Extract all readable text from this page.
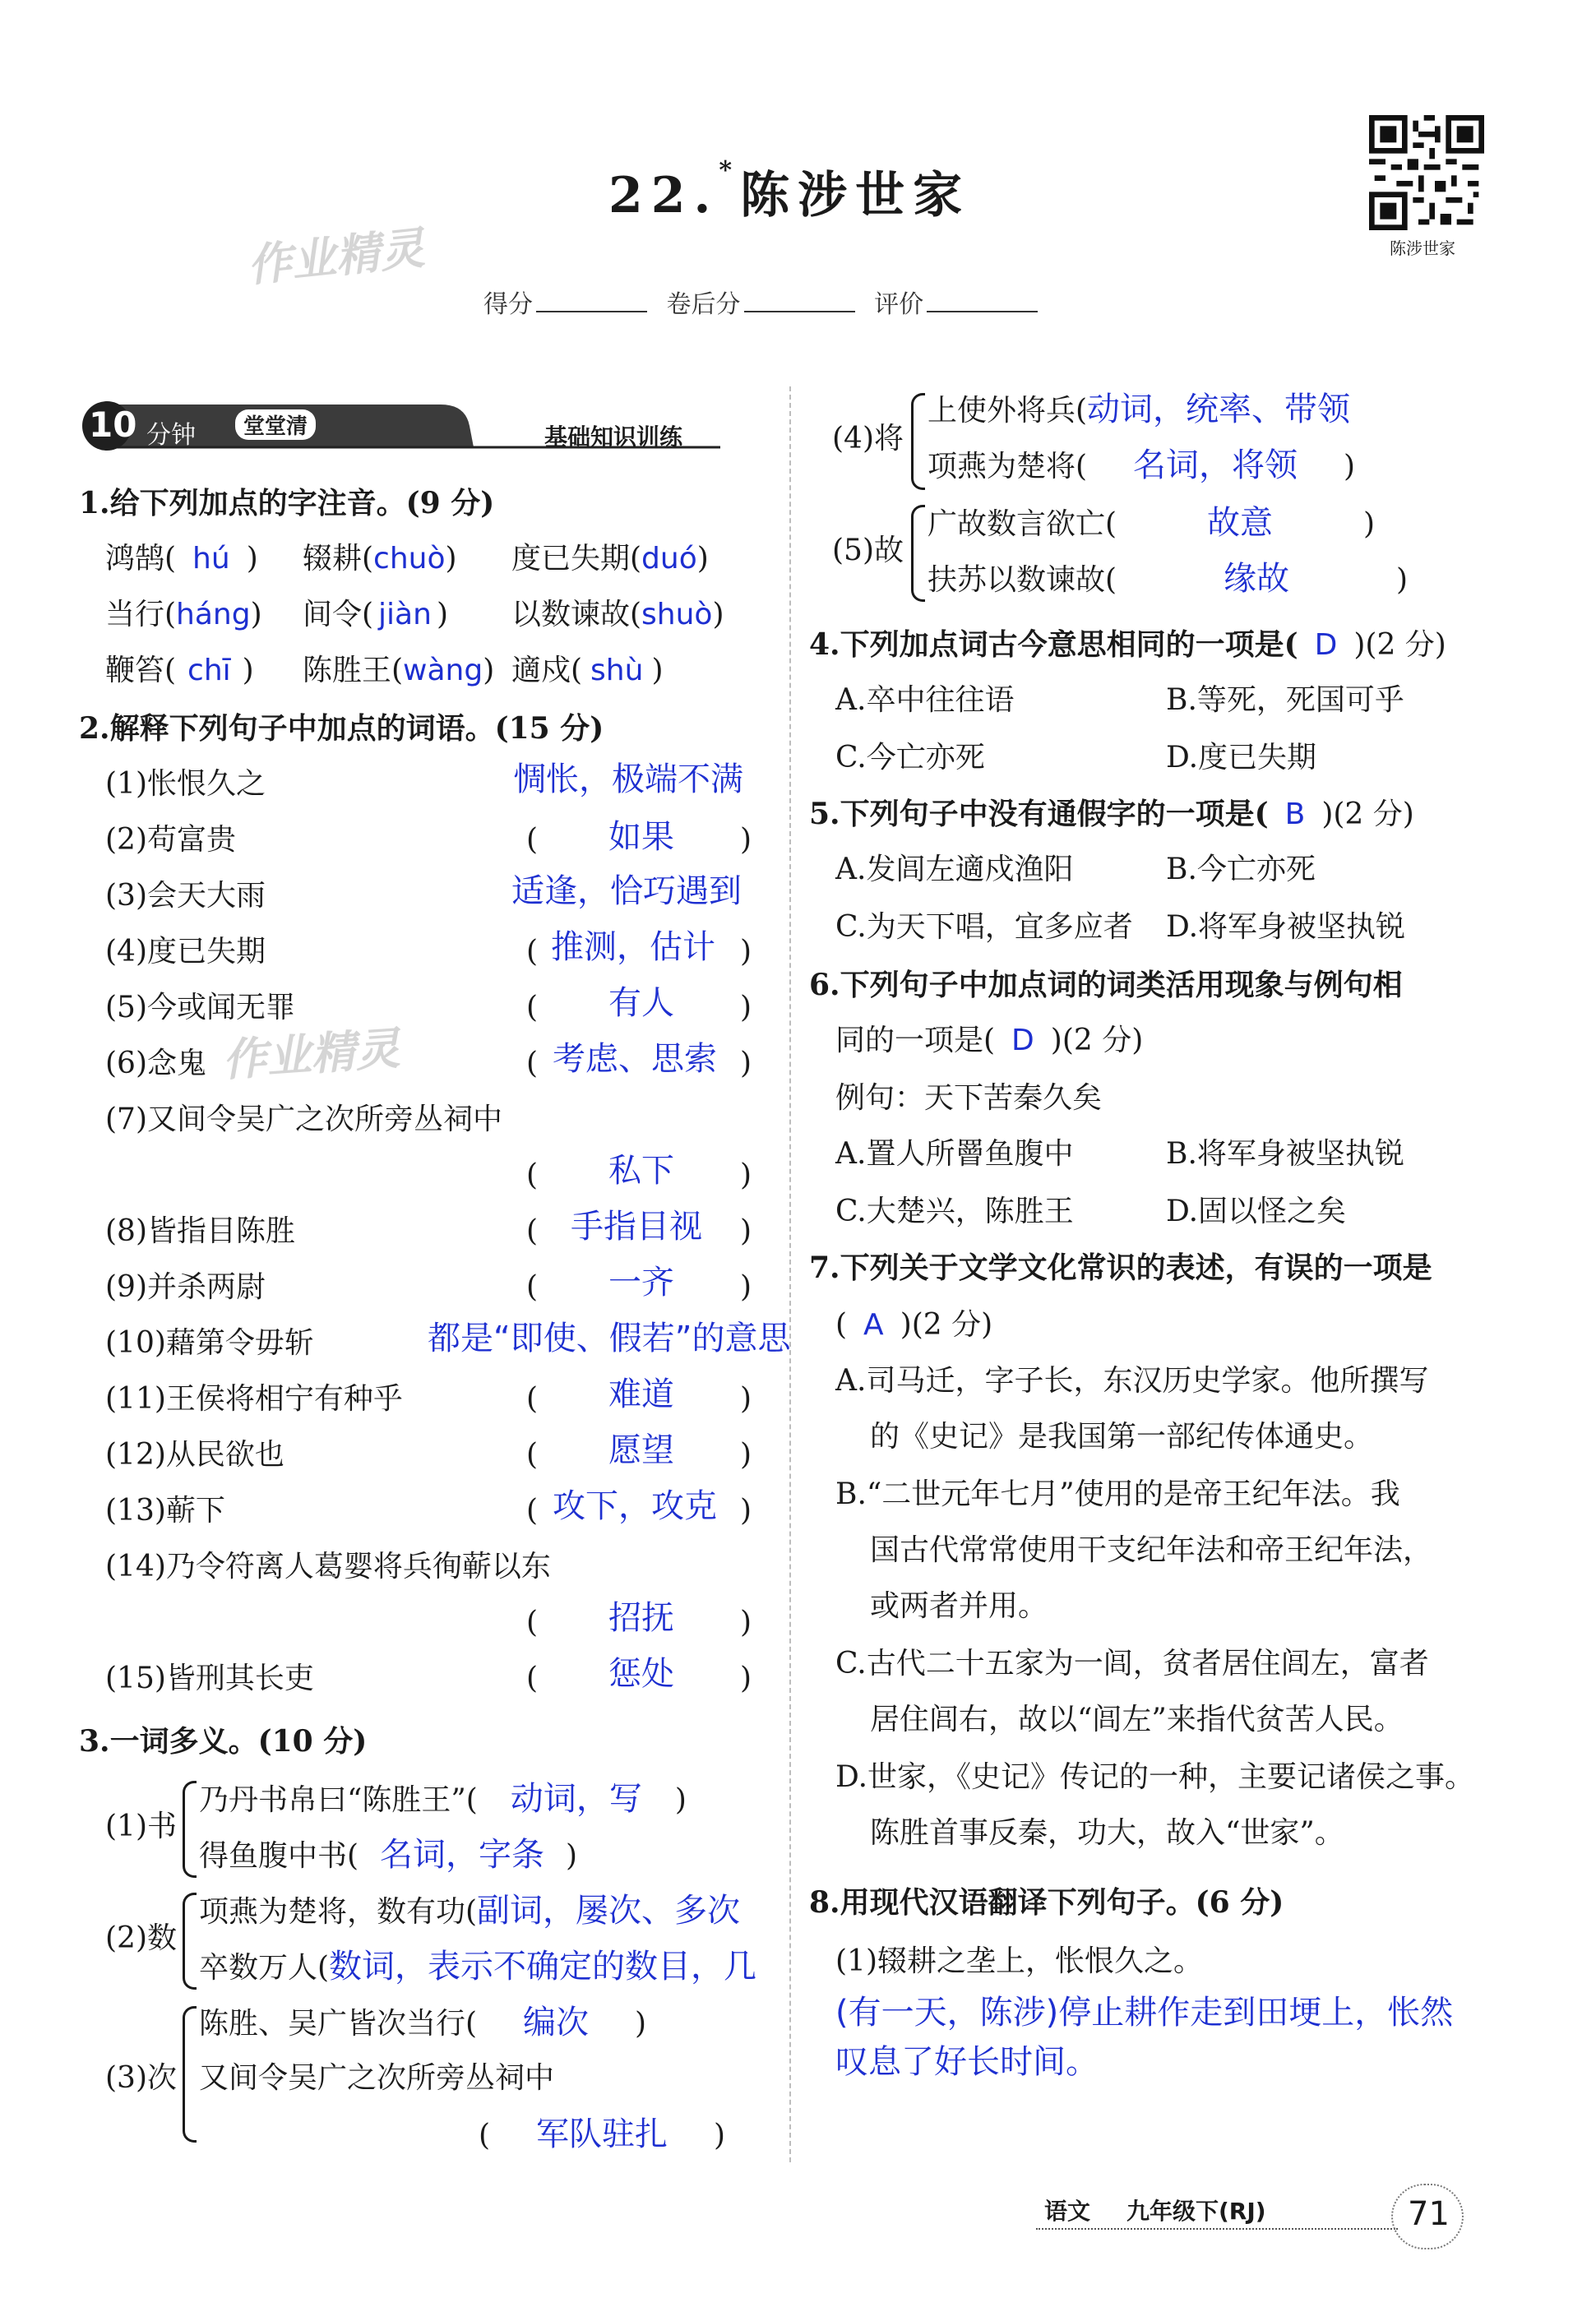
22.*陈涉世家
陈涉世家
作业精灵
作业精灵
得分	卷后分	评价
10 分钟	堂堂清	基础知识训练
1.给下列加点的字注音。(9 分)
鸿鹄( hú ) 辍耕(chuò) 度已失期(duó)
当行(háng) 间令( jiàn ) 以数谏故(shuò)
鞭笞( chī ) 陈胜王(wàng) 適戍( shù )
2.解释下列句子中加点的词语。(15 分)
(1)怅恨久之	惆怅，极端不满
(2)苟富贵	( 如果 )
(3)会天大雨	适逢，恰巧遇到
(4)度已失期	( 推测，估计 )
(5)今或闻无罪	( 有人 )
(6)念鬼	( 考虑、思索 )
(7)又间令吴广之次所旁丛祠中
( 私下 )
(8)皆指目陈胜	( 手指目视 )
(9)并杀两尉	( 一齐 )
(10)藉第令毋斩	都是“即使、假若”的意思
(11)王侯将相宁有种乎	( 难道 )
(12)从民欲也	( 愿望 )
(13)蕲下	( 攻下，攻克 )
(14)乃令符离人葛婴将兵徇蕲以东
( 招抚 )
(15)皆刑其长吏	( 惩处 )
3.一词多义。(10 分)
(1)书
乃丹书帛曰“陈胜王”( 动词，写 )
得鱼腹中书( 名词，字条 )
(2)数
项燕为楚将，数有功(副词，屡次、多次
卒数万人(数词，表示不确定的数目，几
(3)次
陈胜、吴广皆次当行( 编次 )
又间令吴广之次所旁丛祠中
( 军队驻扎 )
(4)将
上使外将兵(动词，统率、带领
项燕为楚将( 名词，将领 )
(5)故
广故数言欲亡(	故意	)
扶苏以数谏故(	缘故	)
4.下列加点词古今意思相同的一项是( D )(2 分)
A.卒中往往语	B.等死，死国可乎
C.今亡亦死	D.度已失期
5.下列句子中没有通假字的一项是( B )(2 分)
A.发闾左適戍渔阳	B.今亡亦死
C.为天下唱，宜多应者 D.将军身被坚执锐
6.下列句子中加点词的词类活用现象与例句相
同的一项是( D )(2 分)
例句：天下苦秦久矣
A.置人所罾鱼腹中	B.将军身被坚执锐
C.大楚兴，陈胜王	D.固以怪之矣
7.下列关于文学文化常识的表述，有误的一项是
( A )(2 分)
A.司马迁，字子长，东汉历史学家。他所撰写
的《史记》是我国第一部纪传体通史。
B.“二世元年七月”使用的是帝王纪年法。我
国古代常常使用干支纪年法和帝王纪年法，
或两者并用。
C.古代二十五家为一闾，贫者居住闾左，富者
居住闾右，故以“闾左”来指代贫苦人民。
D.世家，《史记》传记的一种，主要记诸侯之事。
陈胜首事反秦，功大，故入“世家”。
8.用现代汉语翻译下列句子。(6 分)
(1)辍耕之垄上，怅恨久之。
(有一天，陈涉)停止耕作走到田埂上，怅然
叹息了好长时间。
语文 九年级下(RJ)	71
